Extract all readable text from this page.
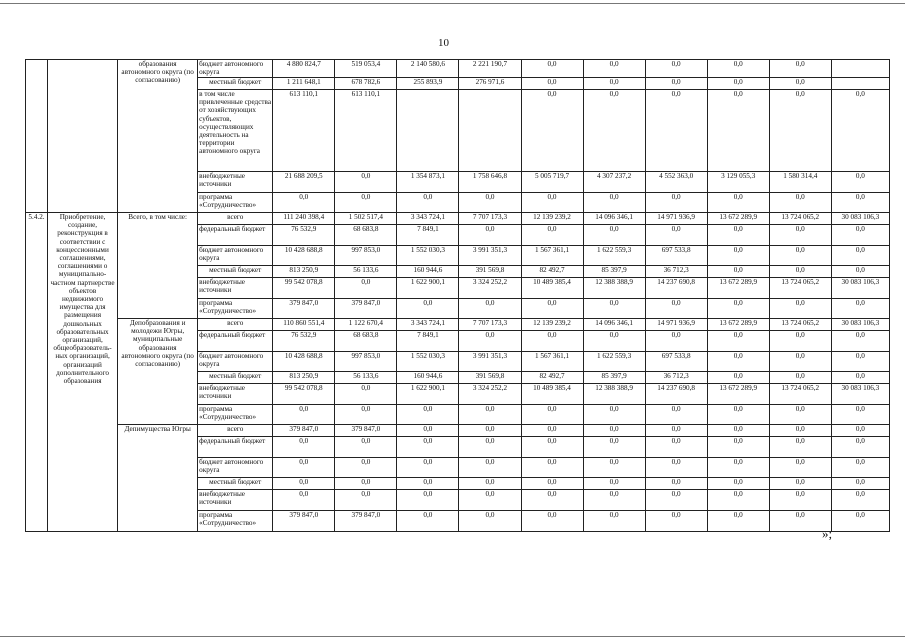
10
		образования автономного округа (по согласованию)	бюджет автономного округа	4 880 824,7	519 053,4	2 140 580,6	2 221 190,7	0,0	0,0	0,0	0,0	0,0	
			местный бюджет	1 211 648,1	678 782,6	255 893,9	276 971,6	0,0	0,0	0,0	0,0	0,0	
			в том числе привлеченные средства от хозяйствующих субъектов, осуществляющих деятельность на территории автономного округа	613 110,1	613 110,1			0,0	0,0	0,0	0,0	0,0	0,0
			внебюджетные источники	21 688 209,5	0,0	1 354 873,1	1 758 646,8	5 005 719,7	4 307 237,2	4 552 363,0	3 129 055,3	1 580 314,4	0,0
			программа «Сотрудничество»	0,0	0,0	0,0	0,0	0,0	0,0	0,0	0,0	0,0	0,0
5.4.2.	Приобретение, создание, реконструкция в соответствии с концессионными соглашениями, соглашениями о муниципально-частном партнерстве объектов недвижимого имущества для размещения дошкольных образовательных организаций, общеобразовательных организаций, организаций дополнительного образования	Всего, в том числе:	всего	111 240 398,4	1 502 517,4	3 343 724,1	7 707 173,3	12 139 239,2	14 096 346,1	14 971 936,9	13 672 289,9	13 724 065,2	30 083 106,3
			федеральный бюджет	76 532,9	68 683,8	7 849,1	0,0	0,0	0,0	0,0	0,0	0,0	0,0
			бюджет автономного округа	10 428 688,8	997 853,0	1 552 030,3	3 991 351,3	1 567 361,1	1 622 559,3	697 533,8	0,0	0,0	0,0
			местный бюджет	813 250,9	56 133,6	160 944,6	391 569,8	82 492,7	85 397,9	36 712,3	0,0	0,0	0,0
			внебюджетные источники	99 542 078,8	0,0	1 622 900,1	3 324 252,2	10 489 385,4	12 388 388,9	14 237 690,8	13 672 289,9	13 724 065,2	30 083 106,3
			программа «Сотрудничество»	379 847,0	379 847,0	0,0	0,0	0,0	0,0	0,0	0,0	0,0	0,0
		Депобразования и молодежи Югры, муниципальные образования автономного округа (по согласованию)	всего	110 860 551,4	1 122 670,4	3 343 724,1	7 707 173,3	12 139 239,2	14 096 346,1	14 971 936,9	13 672 289,9	13 724 065,2	30 083 106,3
			федеральный бюджет	76 532,9	68 683,8	7 849,1	0,0	0,0	0,0	0,0	0,0	0,0	0,0
			бюджет автономного округа	10 428 688,8	997 853,0	1 552 030,3	3 991 351,3	1 567 361,1	1 622 559,3	697 533,8	0,0	0,0	0,0
			местный бюджет	813 250,9	56 133,6	160 944,6	391 569,8	82 492,7	85 397,9	36 712,3	0,0	0,0	0,0
			внебюджетные источники	99 542 078,8	0,0	1 622 900,1	3 324 252,2	10 489 385,4	12 388 388,9	14 237 690,8	13 672 289,9	13 724 065,2	30 083 106,3
			программа «Сотрудничество»	0,0	0,0	0,0	0,0	0,0	0,0	0,0	0,0	0,0	0,0
		Депимущества Югры	всего	379 847,0	379 847,0	0,0	0,0	0,0	0,0	0,0	0,0	0,0	0,0
			федеральный бюджет	0,0	0,0	0,0	0,0	0,0	0,0	0,0	0,0	0,0	0,0
			бюджет автономного округа	0,0	0,0	0,0	0,0	0,0	0,0	0,0	0,0	0,0	0,0
			местный бюджет	0,0	0,0	0,0	0,0	0,0	0,0	0,0	0,0	0,0	0,0
			внебюджетные источники	0,0	0,0	0,0	0,0	0,0	0,0	0,0	0,0	0,0	0,0
			программа «Сотрудничество»	379 847,0	379 847,0	0,0	0,0	0,0	0,0	0,0	0,0	0,0	0,0
»;
